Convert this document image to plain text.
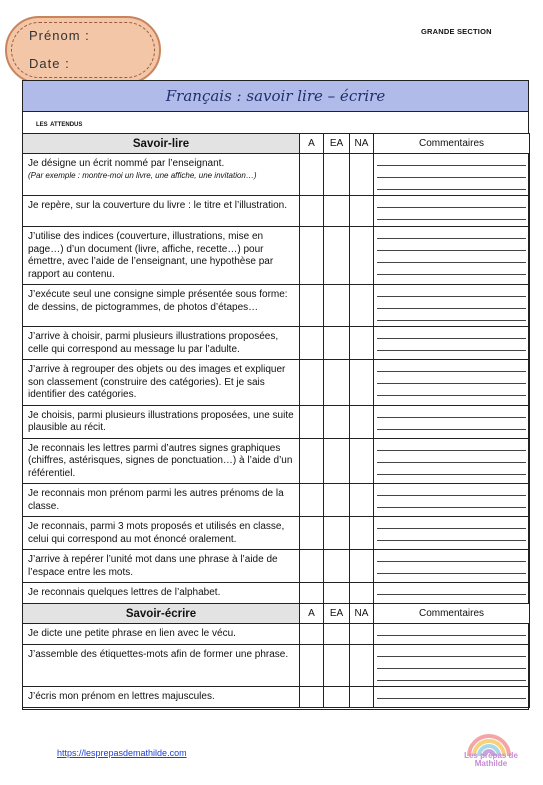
Prénom :
Date :
GRANDE SECTION
Français : savoir lire – écrire
les attendus
Savoir-lire	A	EA	NA	Commentaires
Je désigne un écrit nommé par l’enseignant.
(Par exemple : montre-moi un livre, une affiche, une invitation…)				

Je repère, sur la couverture du livre : le titre et l’illustration.				

J’utilise des indices (couverture, illustrations, mise en page…) d’un document (livre, affiche, recette…) pour émettre, avec l’aide de l’enseignant, une hypothèse par rapport au contenu.				

J’exécute seul une consigne simple présentée sous forme: de dessins, de pictogrammes, de photos d’étapes…				

J’arrive à choisir, parmi plusieurs illustrations proposées, celle qui correspond au message lu par l’adulte.				

J’arrive à regrouper des objets ou des images et expliquer son classement (construire des catégories). Et je sais identifier des catégories.				

Je choisis, parmi plusieurs illustrations proposées, une suite plausible au récit.				

Je reconnais les lettres parmi d’autres signes graphiques (chiffres, astérisques, signes de ponctuation…) à l’aide d’un référentiel.				

Je reconnais mon prénom parmi les autres prénoms de la classe.				

Je reconnais, parmi 3 mots proposés et utilisés en classe, celui qui correspond au mot énoncé oralement.				

J’arrive à repérer l’unité mot dans une phrase à l’aide de l’espace entre les mots.				

Je reconnais quelques lettres de l’alphabet.				

Savoir-écrire	A	EA	NA	Commentaires
Je dicte une petite phrase en lien avec le vécu.				

J’assemble des étiquettes-mots afin de former une phrase.				

J’écris mon prénom en lettres majuscules.				
https://lesprepasdemathilde.com	Les prépas de Mathilde
